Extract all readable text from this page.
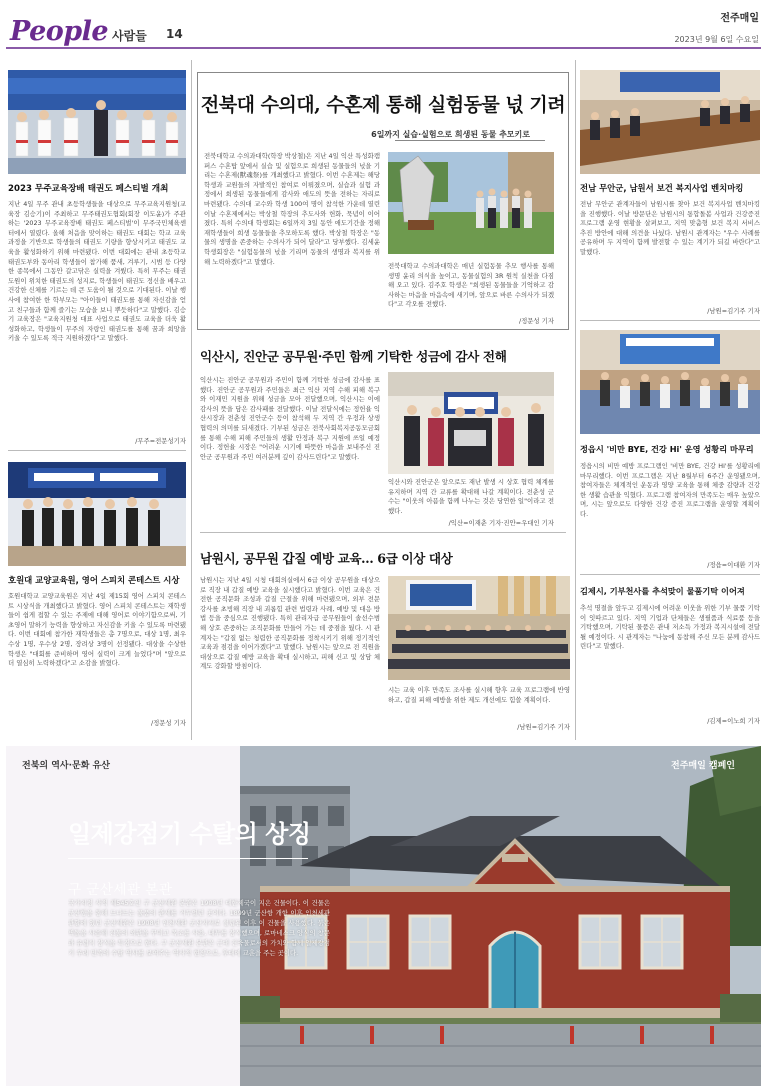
People 사람들 14
전주매일
2023년 9월 6일 수요일
2023 무주교육장배 태권도 페스티벌 개최
지난 4일 무주 관내 초등학생들을 대상으로 무주교육지원청(교육장 김승기)이 주최하고 무주태권도협회(회장 이도윤)가 주관하는 '2023 무주교육장배 태권도 페스티벌'이 무주국민체육센터에서 열렸다. 올해 처음을 맞이하는 태권도 대회는 학교 교육과정을 기반으로 학생들의 태권도 기량을 향상시키고 태권도 교육을 활성화하기 위해 마련됐다. 이번 대회에는 관내 초등학교 태권도부와 동아리 학생들이 참가해 품새, 겨루기, 시범 등 다양한 종목에서 그동안 갈고닦은 실력을 겨뤘다. 특히 무주는 태권도원이 위치한 태권도의 성지로, 학생들이 태권도 정신을 배우고 건강한 신체를 기르는 데 큰 도움이 될 것으로 기대된다. 이날 행사에 참여한 한 학부모는 "아이들이 태권도를 통해 자신감을 얻고 친구들과 함께 즐기는 모습을 보니 뿌듯하다"고 말했다. 김승기 교육장은 "교육지원청 대표 사업으로 태권도 교육을 더욱 활성화하고, 학생들이 무주의 자랑인 태권도를 통해 꿈과 희망을 키울 수 있도록 적극 지원하겠다"고 말했다.
/무주=전문성기자
호원대 교양교육원, 영어 스피치 콘테스트 시상
호원대학교 교양교육원은 지난 4일 제15회 영어 스피치 콘테스트 시상식을 개최했다고 밝혔다. 영어 스피치 콘테스트는 재학생들이 쉽게 접할 수 있는 주제에 대해 영어로 이야기함으로써, 기초영어 말하기 능력을 향상하고 자신감을 키울 수 있도록 마련됐다. 이번 대회에 참가한 재학생들은 총 7명으로, 대상 1명, 최우수상 1명, 우수상 2명, 장려상 3명이 선정됐다. 대상을 수상한 학생은 "대회를 준비하며 영어 실력이 크게 늘었다"며 "앞으로 더 열심히 노력하겠다"고 소감을 밝혔다.
/정문성 기자
전북대 수의대, 수혼제 통해 실험동물 넋 기려
6일까지 실습·실험으로 희생된 동물 추모키로
전북대학교 수의과대학(학장 박상철)은 지난 4일 익산 특성화캠퍼스 수혼탑 앞에서 실습 및 실험으로 희생된 동물들의 넋을 기리는 수혼제(獸魂祭)를 개최했다고 밝혔다. 이번 수혼제는 해당 학생과 교원들의 자발적인 참여로 이뤄졌으며, 실습과 실험 과정에서 희생된 동물들에게 감사와 애도의 뜻을 전하는 자리로 마련됐다. 수의대 교수와 학생 100여 명이 참석한 가운데 열린 이날 수혼제에서는 박상철 학장의 추도사와 헌화, 묵념이 이어졌다. 특히 수의대 학생회는 6일까지 3일 동안 애도기간을 정해 재학생들이 희생 동물들을 추모하도록 했다. 박상철 학장은 "동물의 생명을 존중하는 수의사가 되어 달라"고 당부했다. 김세윤 학생회장은 "실험동물의 넋을 기리며 동물의 생명과 복지를 위해 노력하겠다"고 말했다.
전북대학교 수의과대학은 매년 실험동물 추모 행사를 통해 생명 윤리 의식을 높이고, 동물실험의 3R 원칙 실천을 다짐해 오고 있다. 김주호 학생은 "희생된 동물들을 기억하고 감사하는 마음을 마음속에 새기며, 앞으로 바른 수의사가 되겠다"고 각오를 전했다.
/정문성 기자
익산시, 진안군 공무원·주민 함께 기탁한 성금에 감사 전해
익산시는 진안군 공무원과 주민이 함께 기탁한 성금에 감사를 표했다. 진안군 공무원과 주민들은 최근 익산 지역 수해 피해 복구와 이재민 지원을 위해 성금을 모아 전달했으며, 익산시는 이에 감사의 뜻을 담은 감사패를 전달했다. 이날 전달식에는 정헌율 익산시장과 전춘성 진안군수 등이 참석해 두 지역 간 우정과 상생 협력의 의미를 되새겼다. 기부된 성금은 전북사회복지공동모금회를 통해 수해 피해 주민들의 생활 안정과 복구 지원에 쓰일 예정이다. 정헌율 시장은 "어려운 시기에 따뜻한 마음을 보내주신 진안군 공무원과 주민 여러분께 깊이 감사드린다"고 말했다.
익산시와 진안군은 앞으로도 재난 발생 시 상호 협력 체계를 유지하며 지역 간 교류를 확대해 나갈 계획이다. 전춘성 군수는 "이웃의 아픔을 함께 나누는 것은 당연한 일"이라고 전했다.
/익산=이재춘 기자·진안=우대인 기자
남원시, 공무원 갑질 예방 교육… 6급 이상 대상
남원시는 지난 4일 시청 대회의실에서 6급 이상 공무원을 대상으로 직장 내 갑질 예방 교육을 실시했다고 밝혔다. 이번 교육은 건전한 공직문화 조성과 갑질 근절을 위해 마련됐으며, 외부 전문 강사를 초빙해 직장 내 괴롭힘 관련 법령과 사례, 예방 및 대응 방법 등을 중심으로 진행됐다. 특히 관리자급 공무원들이 솔선수범해 상호 존중하는 조직문화를 만들어 가는 데 중점을 뒀다. 시 관계자는 "갑질 없는 청렴한 공직문화를 정착시키기 위해 정기적인 교육과 점검을 이어가겠다"고 말했다. 남원시는 앞으로 전 직원을 대상으로 갑질 예방 교육을 확대 실시하고, 피해 신고 및 상담 체계도 강화할 방침이다.
시는 교육 이후 만족도 조사를 실시해 향후 교육 프로그램에 반영하고, 갑질 피해 예방을 위한 제도 개선에도 힘쓸 계획이다.
/남원=김기주 기자
전남 무안군, 남원서 보건 복지사업 벤치마킹
전남 무안군 관계자들이 남원시를 찾아 보건 복지사업 벤치마킹을 진행했다. 이날 방문단은 남원시의 통합돌봄 사업과 건강증진 프로그램 운영 현황을 살펴보고, 지역 맞춤형 보건 복지 서비스 추진 방안에 대해 의견을 나눴다. 남원시 관계자는 "우수 사례를 공유하며 두 지역이 함께 발전할 수 있는 계기가 되길 바란다"고 말했다.
/남원=김기주 기자
정읍시 '비만 BYE, 건강 Hi' 운영 성황리 마무리
정읍시의 비만 예방 프로그램인 '비만 BYE, 건강 Hi'를 성황리에 마무리했다. 이번 프로그램은 지난 8월부터 6주간 운영됐으며, 참여자들은 체계적인 운동과 영양 교육을 통해 체중 감량과 건강한 생활 습관을 익혔다. 프로그램 참여자의 만족도는 매우 높았으며, 시는 앞으로도 다양한 건강 증진 프로그램을 운영할 계획이다.
/정읍=이대환 기자
김제시, 기부천사를 추석맞이 물품기탁 이어져
추석 명절을 앞두고 김제시에 어려운 이웃을 위한 기부 물품 기탁이 잇따르고 있다. 지역 기업과 단체들은 생필품과 식료품 등을 기탁했으며, 기탁된 물품은 관내 저소득 가정과 복지시설에 전달될 예정이다. 시 관계자는 "나눔에 동참해 주신 모든 분께 감사드린다"고 말했다.
/김제=이노희 기자
전북의 역사·문화 유산	전주매일 캠페인
일제강점기 수탈의 상징
구 군산세관 본관
국가지정 사적 제545호인 구 군산세관 본관은 1908년 대한제국이 지은 건물이다. 이 건물은 군산항을 통해 드나드는 물품의 관세를 거두었던 곳이다. 1899년 군산항 개항 이후 인천세관 관할에 있던 군산세관은 1908년 인천세관 군산지서로 설립된 이후 이 건물을 사용했다. 붉은 벽돌을 사용해 건물의 외관을 꾸미고 목조를 사용, 내부를 장식했으며, 로마네스크 양식의 창문과 유럽식 장식을 특징으로 한다. 구 군산세관 본관은 근대 건축물로서의 가치와 함께 일제강점기 우리 민족의 수탈 역사를 보여주는 역사적 현장으로, 후대에 교훈을 주는 곳이다.
